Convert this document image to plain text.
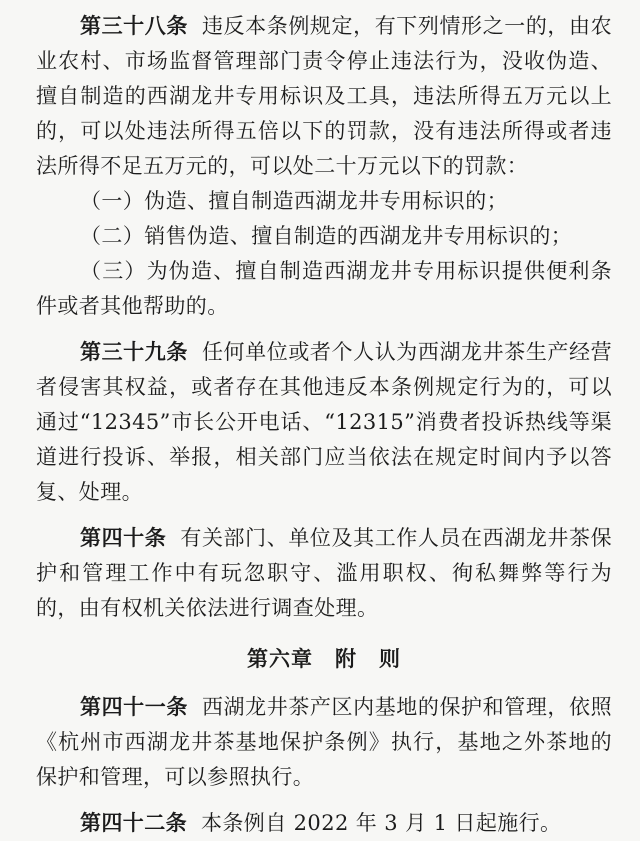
第三十八条 违反本条例规定，有下列情形之一的，由农业农村、市场监督管理部门责令停止违法行为，没收伪造、擅自制造的西湖龙井专用标识及工具，违法所得五万元以上的，可以处违法所得五倍以下的罚款，没有违法所得或者违法所得不足五万元的，可以处二十万元以下的罚款：

（一）伪造、擅自制造西湖龙井专用标识的；

（二）销售伪造、擅自制造的西湖龙井专用标识的；

（三）为伪造、擅自制造西湖龙井专用标识提供便利条件或者其他帮助的。

第三十九条 任何单位或者个人认为西湖龙井茶生产经营者侵害其权益，或者存在其他违反本条例规定行为的，可以通过“12345”市长公开电话、“12315”消费者投诉热线等渠道进行投诉、举报，相关部门应当依法在规定时间内予以答复、处理。

第四十条 有关部门、单位及其工作人员在西湖龙井茶保护和管理工作中有玩忽职守、滥用职权、徇私舞弊等行为的，由有权机关依法进行调查处理。

第六章 附　则

第四十一条 西湖龙井茶产区内基地的保护和管理，依照《杭州市西湖龙井茶基地保护条例》执行，基地之外茶地的保护和管理，可以参照执行。

第四十二条 本条例自 2022 年 3 月 1 日起施行。
